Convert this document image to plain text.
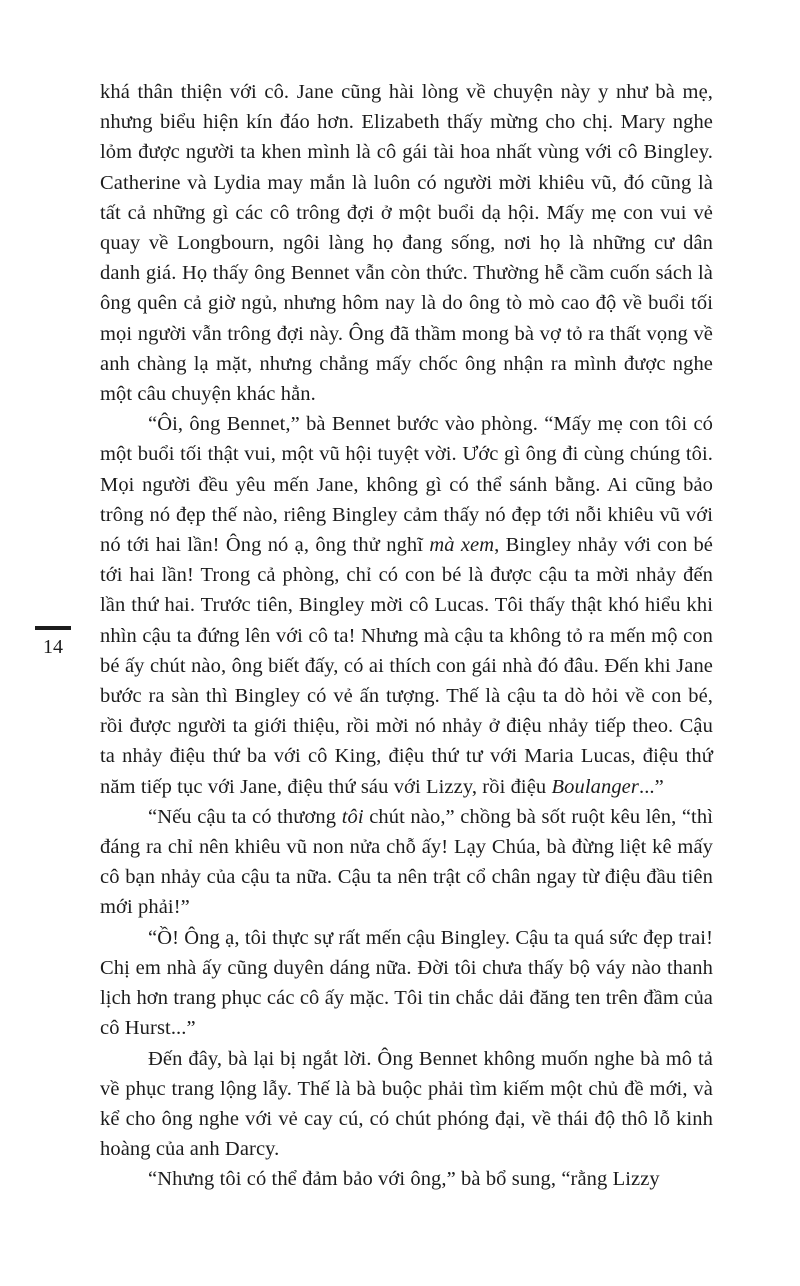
14

khá thân thiện với cô. Jane cũng hài lòng về chuyện này y như bà mẹ, nhưng biểu hiện kín đáo hơn. Elizabeth thấy mừng cho chị. Mary nghe lỏm được người ta khen mình là cô gái tài hoa nhất vùng với cô Bingley. Catherine và Lydia may mắn là luôn có người mời khiêu vũ, đó cũng là tất cả những gì các cô trông đợi ở một buổi dạ hội. Mấy mẹ con vui vẻ quay về Longbourn, ngôi làng họ đang sống, nơi họ là những cư dân danh giá. Họ thấy ông Bennet vẫn còn thức. Thường hễ cầm cuốn sách là ông quên cả giờ ngủ, nhưng hôm nay là do ông tò mò cao độ về buổi tối mọi người vẫn trông đợi này. Ông đã thầm mong bà vợ tỏ ra thất vọng về anh chàng lạ mặt, nhưng chẳng mấy chốc ông nhận ra mình được nghe một câu chuyện khác hẳn.

“Ôi, ông Bennet,” bà Bennet bước vào phòng. “Mấy mẹ con tôi có một buổi tối thật vui, một vũ hội tuyệt vời. Ước gì ông đi cùng chúng tôi. Mọi người đều yêu mến Jane, không gì có thể sánh bằng. Ai cũng bảo trông nó đẹp thế nào, riêng Bingley cảm thấy nó đẹp tới nỗi khiêu vũ với nó tới hai lần! Ông nó ạ, ông thử nghĩ mà xem, Bingley nhảy với con bé tới hai lần! Trong cả phòng, chỉ có con bé là được cậu ta mời nhảy đến lần thứ hai. Trước tiên, Bingley mời cô Lucas. Tôi thấy thật khó hiểu khi nhìn cậu ta đứng lên với cô ta! Nhưng mà cậu ta không tỏ ra mến mộ con bé ấy chút nào, ông biết đấy, có ai thích con gái nhà đó đâu. Đến khi Jane bước ra sàn thì Bingley có vẻ ấn tượng. Thế là cậu ta dò hỏi về con bé, rồi được người ta giới thiệu, rồi mời nó nhảy ở điệu nhảy tiếp theo. Cậu ta nhảy điệu thứ ba với cô King, điệu thứ tư với Maria Lucas, điệu thứ năm tiếp tục với Jane, điệu thứ sáu với Lizzy, rồi điệu Boulanger...”

“Nếu cậu ta có thương tôi chút nào,” chồng bà sốt ruột kêu lên, “thì đáng ra chỉ nên khiêu vũ non nửa chỗ ấy! Lạy Chúa, bà đừng liệt kê mấy cô bạn nhảy của cậu ta nữa. Cậu ta nên trật cổ chân ngay từ điệu đầu tiên mới phải!”

“Ồ! Ông ạ, tôi thực sự rất mến cậu Bingley. Cậu ta quá sức đẹp trai! Chị em nhà ấy cũng duyên dáng nữa. Đời tôi chưa thấy bộ váy nào thanh lịch hơn trang phục các cô ấy mặc. Tôi tin chắc dải đăng ten trên đầm của cô Hurst...”

Đến đây, bà lại bị ngắt lời. Ông Bennet không muốn nghe bà mô tả về phục trang lộng lẫy. Thế là bà buộc phải tìm kiếm một chủ đề mới, và kể cho ông nghe với vẻ cay cú, có chút phóng đại, về thái độ thô lỗ kinh hoàng của anh Darcy.

“Nhưng tôi có thể đảm bảo với ông,” bà bổ sung, “rằng Lizzy
